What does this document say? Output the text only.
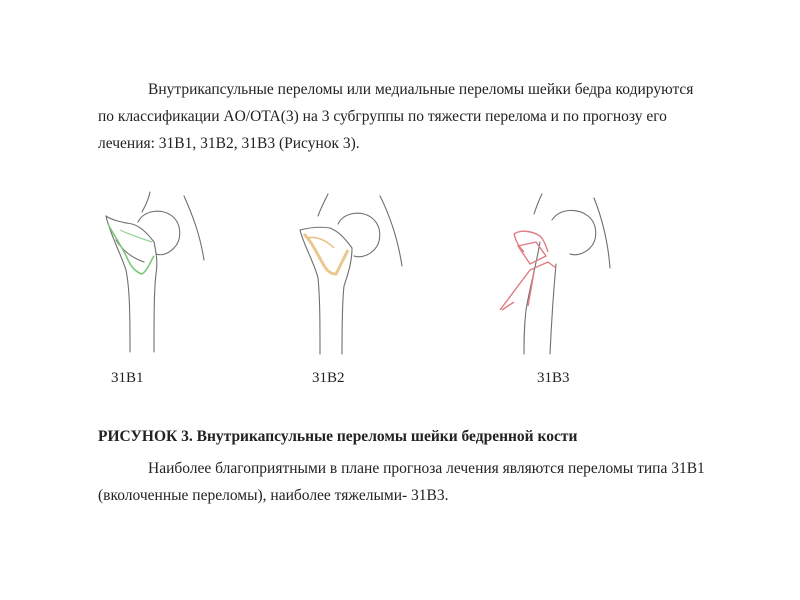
Внутрикапсульные переломы или медиальные переломы шейки бедра кодируются
по классификации AO/OTA(3) на 3 субгруппы по тяжести перелома и по прогнозу его
лечения: 31B1, 31B2, 31B3 (Рисунок 3).

31B1	31B2	31B3

РИСУНОК 3. Внутрикапсульные переломы шейки бедренной кости

Наиболее благоприятными в плане прогноза лечения являются переломы типа 31B1
(вколоченные переломы), наиболее тяжелыми- 31B3.
